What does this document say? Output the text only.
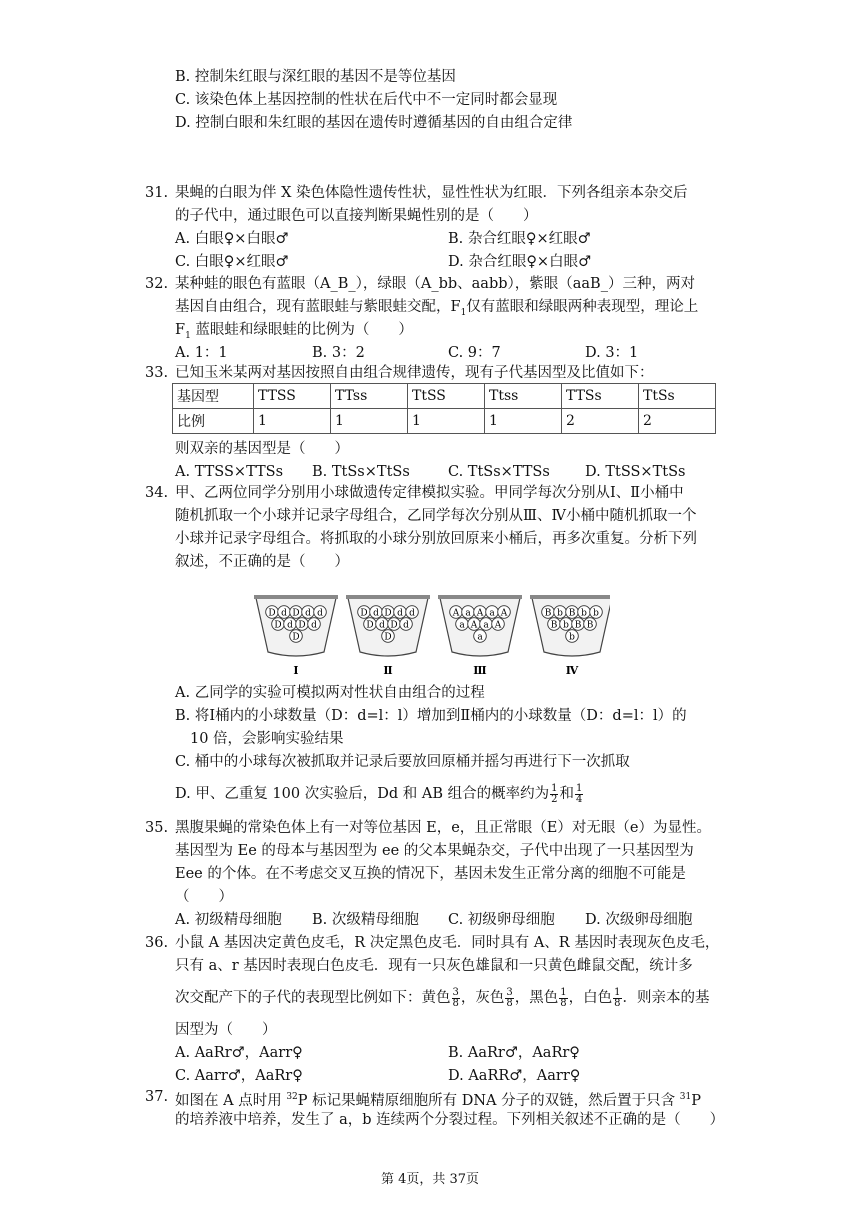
B. 控制朱红眼与深红眼的基因不是等位基因
C. 该染色体上基因控制的性状在后代中不一定同时都会显现
D. 控制白眼和朱红眼的基因在遗传时遵循基因的自由组合定律
31. 果蝇的白眼为伴 X 染色体隐性遗传性状，显性性状为红眼．下列各组亲本杂交后
的子代中，通过眼色可以直接判断果蝇性别的是（　　）
A. 白眼♀×白眼♂	B. 杂合红眼♀×红眼♂
C. 白眼♀×红眼♂	D. 杂合红眼♀×白眼♂
32. 某种蛙的眼色有蓝眼（A_B_），绿眼（A_bb、aabb），紫眼（aaB_）三种，两对
基因自由组合，现有蓝眼蛙与紫眼蛙交配，$F_1$仅有蓝眼和绿眼两种表现型，理论上
$F_1$ 蓝眼蛙和绿眼蛙的比例为（　　）
A. 1：1	B. 3：2	C. 9：7	D. 3：1
33. 已知玉米某两对基因按照自由组合规律遗传，现有子代基因型及比值如下：
基因型	TTSS	TTss	TtSS	Ttss	TTSs	TtSs
比例	1	1	1	1	2	2
则双亲的基因型是（　　）
A. TTSS×TTSs B. TtSs×TtSs	C. TtSs×TTSs D. TtSS×TtSs
34. 甲、乙两位同学分别用小球做遗传定律模拟实验。甲同学每次分别从Ⅰ、Ⅱ小桶中
随机抓取一个小球并记录字母组合，乙同学每次分别从Ⅲ、Ⅳ小桶中随机抓取一个
小球并记录字母组合。将抓取的小球分别放回原来小桶后，再多次重复。分析下列
叙述，不正确的是（　　）
D d D d d
D d D d
D
Ⅰ
D d D d d
D d D d
D
Ⅱ
A a A a A
a A a A
a
Ⅲ
B b B b b
B b B B
b
Ⅳ
A. 乙同学的实验可模拟两对性状自由组合的过程
B. 将Ⅰ桶内的小球数量（D：d=l：l）增加到Ⅱ桶内的小球数量（D：d=l：l）的
10 倍，会影响实验结果
C. 桶中的小球每次被抓取并记录后要放回原桶并摇匀再进行下一次抓取
D. 甲、乙重复 100 次实验后，Dd 和 AB 组合的概率约为 $\frac{1}{2}$ 和 $\frac{1}{4}$
35. 黑腹果蝇的常染色体上有一对等位基因 E，e，且正常眼（E）对无眼（e）为显性。
基因型为 Ee 的母本与基因型为 ee 的父本果蝇杂交，子代中出现了一只基因型为
Eee 的个体。在不考虑交叉互换的情况下，基因未发生正常分离的细胞不可能是
（　　）
A. 初级精母细胞 B. 次级精母细胞 C. 初级卵母细胞 D. 次级卵母细胞
36. 小鼠 A 基因决定黄色皮毛，R 决定黑色皮毛．同时具有 A、R 基因时表现灰色皮毛，
只有 a、r 基因时表现白色皮毛．现有一只灰色雄鼠和一只黄色雌鼠交配，统计多
次交配产下的子代的表现型比例如下：黄色 $\frac{3}{8}$ ，灰色 $\frac{3}{8}$ ，黑色 $\frac{1}{8}$ ，白色 $\frac{1}{8}$ ．则亲本的基
因型为（　　）
A. AaRr♂，Aarr♀	B. AaRr♂，AaRr♀
C. Aarr♂，AaRr♀	D. AaRR♂，Aarr♀
37. 如图在 A 点时用 $^{32}$P 标记果蝇精原细胞所有 DNA 分子的双链，然后置于只含 $^{31}$P
的培养液中培养，发生了 a，b 连续两个分裂过程。下列相关叙述不正确的是（　　）
第 4页，共 37页
